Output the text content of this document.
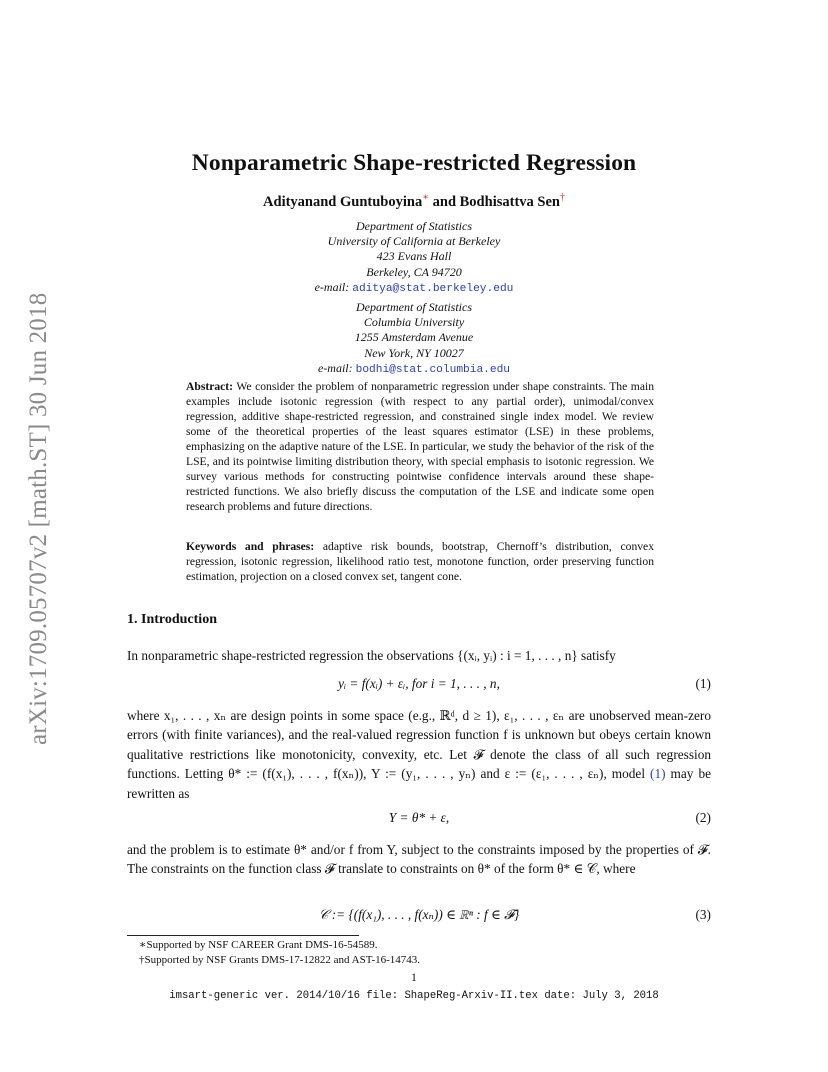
arXiv:1709.05707v2 [math.ST] 30 Jun 2018
Nonparametric Shape-restricted Regression
Adityanand Guntuboyina∗ and Bodhisattva Sen†
Department of Statistics
University of California at Berkeley
423 Evans Hall
Berkeley, CA 94720
e-mail: aditya@stat.berkeley.edu
Department of Statistics
Columbia University
1255 Amsterdam Avenue
New York, NY 10027
e-mail: bodhi@stat.columbia.edu
Abstract: We consider the problem of nonparametric regression under shape constraints. The main examples include isotonic regression (with respect to any partial order), unimodal/convex regression, additive shape-restricted regression, and constrained single index model. We review some of the theoretical properties of the least squares estimator (LSE) in these problems, emphasizing on the adaptive nature of the LSE. In particular, we study the behavior of the risk of the LSE, and its pointwise limiting distribution theory, with special emphasis to isotonic regression. We survey various methods for constructing pointwise confidence intervals around these shape-restricted functions. We also briefly discuss the computation of the LSE and indicate some open research problems and future directions.
Keywords and phrases: adaptive risk bounds, bootstrap, Chernoff’s distribution, convex regression, isotonic regression, likelihood ratio test, monotone function, order preserving function estimation, projection on a closed convex set, tangent cone.
1. Introduction
In nonparametric shape-restricted regression the observations {(xᵢ, yᵢ) : i = 1, . . . , n} satisfy
yᵢ = f(xᵢ) + εᵢ, for i = 1, . . . , n,	(1)
where x₁, . . . , xₙ are design points in some space (e.g., ℝᵈ, d ≥ 1), ε₁, . . . , εₙ are unobserved mean-zero errors (with finite variances), and the real-valued regression function f is unknown but obeys certain known qualitative restrictions like monotonicity, convexity, etc. Let 𝓕 denote the class of all such regression functions. Letting θ* := (f(x₁), . . . , f(xₙ)), Y := (y₁, . . . , yₙ) and ε := (ε₁, . . . , εₙ), model (1) may be rewritten as
Y = θ* + ε,	(2)
and the problem is to estimate θ* and/or f from Y, subject to the constraints imposed by the properties of 𝓕. The constraints on the function class 𝓕 translate to constraints on θ* of the form θ* ∈ 𝒞, where
𝒞 := {(f(x₁), . . . , f(xₙ)) ∈ ℝⁿ : f ∈ 𝓕}	(3)
∗Supported by NSF CAREER Grant DMS-16-54589.
†Supported by NSF Grants DMS-17-12822 and AST-16-14743.
1
imsart-generic ver. 2014/10/16 file: ShapeReg-Arxiv-II.tex date: July 3, 2018
